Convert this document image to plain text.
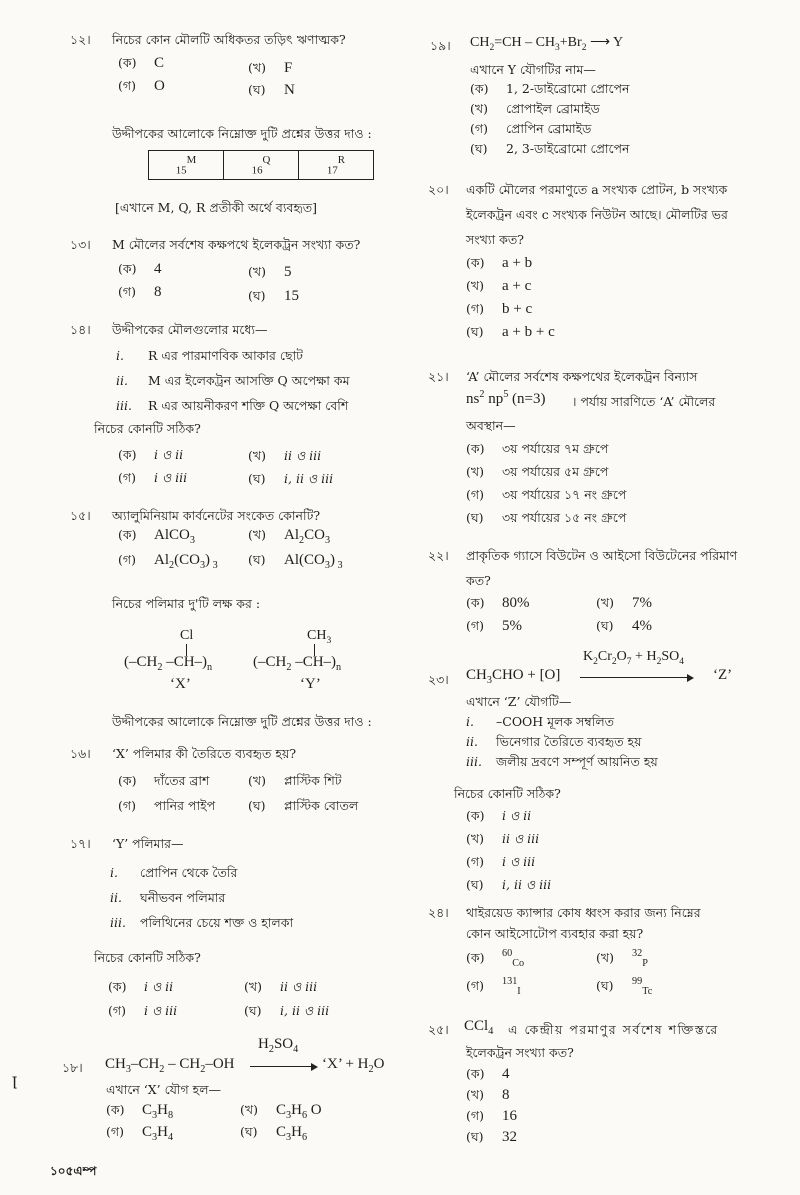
১২। নিচের কোন মৌলটি অধিকতর তড়িৎ ঋণাত্মক?
(ক) C	(খ) F
(গ) O	(ঘ) N
উদ্দীপকের আলোকে নিম্নোক্ত দুটি প্রশ্নের উত্তর দাও :
$_{15}^M$	$_{16}^Q$	$_{17}^R$
[এখানে M, Q, R প্রতীকী অর্থে ব্যবহৃত]
১৩। M মৌলের সর্বশেষ কক্ষপথে ইলেকট্রন সংখ্যা কত?
(ক) 4	(খ) 5
(গ) 8	(ঘ) 15
১৪। উদ্দীপকের মৌলগুলোর মধ্যে—
i. R এর পারমাণবিক আকার ছোট
ii. M এর ইলেকট্রন আসক্তি Q অপেক্ষা কম
iii. R এর আয়নীকরণ শক্তি Q অপেক্ষা বেশি
নিচের কোনটি সঠিক?
(ক) i ও ii	(খ) ii ও iii
(গ) i ও iii	(ঘ) i, ii ও iii
১৫। অ্যালুমিনিয়াম কার্বনেটের সংকেত কোনটি?
(ক) AlCO$_3$	(খ) $Al_2CO_3$
(গ) $Al_2(CO_3)$ $_3$ (ঘ) $Al(CO_3)$ $_3$
নিচের পলিমার দু'টি লক্ষ কর :
Cl
($-CH_2$ $-CH-)_n$
‘X’
$CH_3$
($-CH_2$ $-CH-)_n$
‘Y’
উদ্দীপকের আলোকে নিম্নোক্ত দুটি প্রশ্নের উত্তর দাও :
১৬। ‘X’ পলিমার কী তৈরিতে ব্যবহৃত হয়?
(ক) দাঁতের ব্রাশ	(খ) প্লাস্টিক শিট
(গ) পানির পাইপ	(ঘ) প্লাস্টিক বোতল
১৭। ‘Y’ পলিমার—
i. প্রোপিন থেকে তৈরি
ii. ঘনীভবন পলিমার
iii. পলিথিনের চেয়ে শক্ত ও হালকা
নিচের কোনটি সঠিক?
(ক) i ও ii	(খ) ii ও iii
(গ) i ও iii	(ঘ) i, ii ও iii
১৮। $CH_3-CH_2 - CH_2-OH$
$H_2SO_4$
‘X’ + $H_2O$
এখানে ‘X’ যৌগ হল—
(ক) $C_3H_8$	(খ) $C_3H_6$ O
(গ) $C_3H_4$	(ঘ) $C_3H_6$
ꞁ
১০৫এম্প
১৯। $CH_2=CH - CH_3+Br_2$ ⟶ Y
এখানে Y যৌগটির নাম—
(ক) 1, 2-ডাইব্রোমো প্রোপেন
(খ) প্রোপাইল ব্রোমাইড
(গ) প্রোপিন ব্রোমাইড
(ঘ) 2, 3-ডাইব্রোমো প্রোপেন
২০। একটি মৌলের পরমাণুতে a সংখ্যক প্রোটন, b সংখ্যক
ইলেকট্রন এবং c সংখ্যক নিউটন আছে। মৌলটির ভর
সংখ্যা কত?
(ক) a + b
(খ) a + c
(গ) b + c
(ঘ) a + b + c
২১। ‘A’ মৌলের সর্বশেষ কক্ষপথের ইলেকট্রন বিন্যাস
$ns^2$ $np^5$ (n=3) । পর্যায় সারণিতে ‘A’ মৌলের
অবস্থান—
(ক) ৩য় পর্যায়ের ৭ম গ্রুপে
(খ) ৩য় পর্যায়ের ৫ম গ্রুপে
(গ) ৩য় পর্যায়ের ১৭ নং গ্রুপে
(ঘ) ৩য় পর্যায়ের ১৫ নং গ্রুপে
২২। প্রাকৃতিক গ্যাসে বিউটেন ও আইসো বিউটেনের পরিমাণ
কত?
(ক) 80%	(খ) 7%
(গ) 5%	(ঘ) 4%
২৩। $CH_3CHO + [O]$
$K_2Cr_2O_7 + H_2SO_4$
‘Z’
এখানে ‘Z’ যৌগটি—
i. –COOH মূলক সম্বলিত
ii. ভিনেগার তৈরিতে ব্যবহৃত হয়
iii. জলীয় দ্রবণে সম্পূর্ণ আয়নিত হয়
নিচের কোনটি সঠিক?
(ক) i ও ii
(খ) ii ও iii
(গ) i ও iii
(ঘ) i, ii ও iii
২৪। থাইরয়েড ক্যান্সার কোষ ধ্বংস করার জন্য নিম্নের
কোন আইসোটোপ ব্যবহার করা হয়?
(ক) $^{60}_{Co}$	(খ) $^{32}_P$
(গ) $^{131}_I$	(ঘ) $^{99}_{Tc}$
২৫। CCl$_4$ এ কেন্দ্রীয় পরমাণুর সর্বশেষ শক্তিস্তরে
ইলেকট্রন সংখ্যা কত?
(ক) 4
(খ) 8
(গ) 16
(ঘ) 32
